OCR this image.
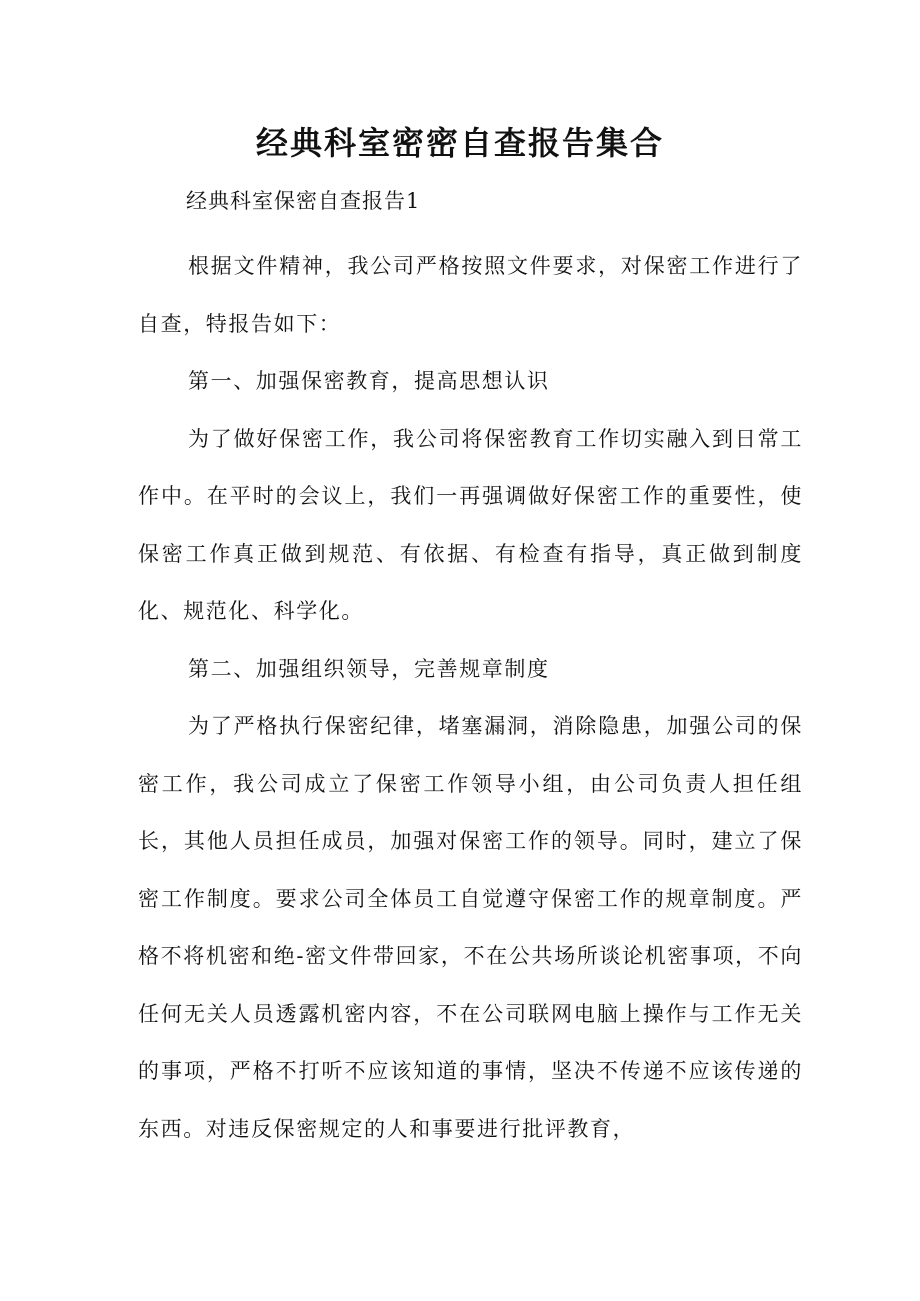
经典科室密密自查报告集合

经典科室保密自查报告1

根据文件精神，我公司严格按照文件要求，对保密工作进行了自查，特报告如下：

第一、加强保密教育，提高思想认识

为了做好保密工作，我公司将保密教育工作切实融入到日常工作中。在平时的会议上，我们一再强调做好保密工作的重要性，使保密工作真正做到规范、有依据、有检查有指导，真正做到制度化、规范化、科学化。

第二、加强组织领导，完善规章制度

为了严格执行保密纪律，堵塞漏洞，消除隐患，加强公司的保密工作，我公司成立了保密工作领导小组，由公司负责人担任组长，其他人员担任成员，加强对保密工作的领导。同时，建立了保密工作制度。要求公司全体员工自觉遵守保密工作的规章制度。严格不将机密和绝-密文件带回家，不在公共场所谈论机密事项，不向任何无关人员透露机密内容，不在公司联网电脑上操作与工作无关的事项，严格不打听不应该知道的事情，坚决不传递不应该传递的东西。对违反保密规定的人和事要进行批评教育，
